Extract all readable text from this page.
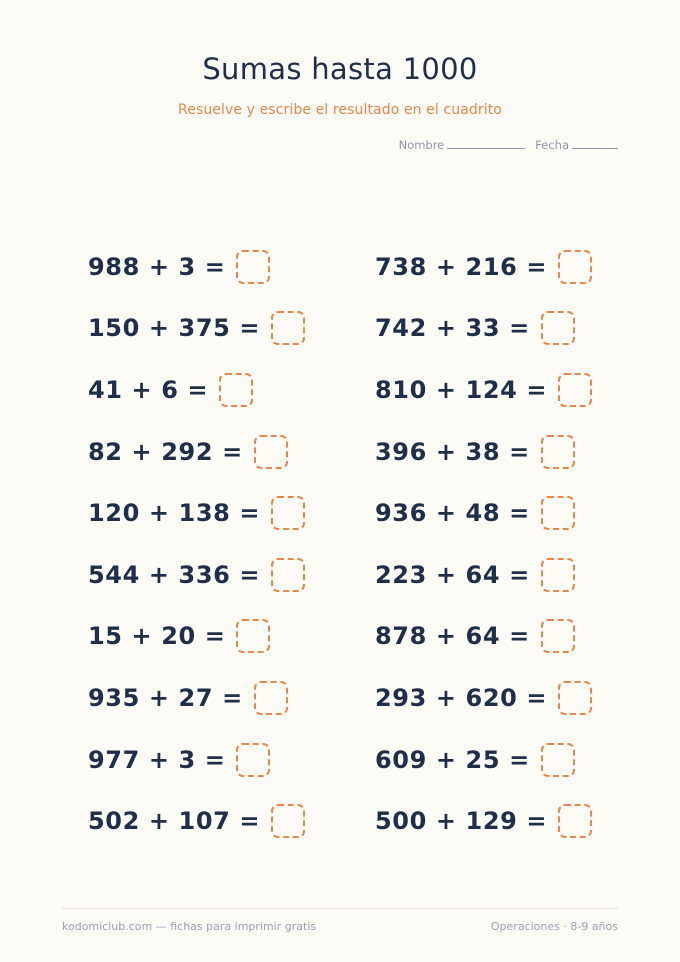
Sumas hasta 1000
Resuelve y escribe el resultado en el cuadrito
Nombre	Fecha
988 + 3 =
150 + 375 =
41 + 6 =
82 + 292 =
120 + 138 =
544 + 336 =
15 + 20 =
935 + 27 =
977 + 3 =
502 + 107 =
738 + 216 =
742 + 33 =
810 + 124 =
396 + 38 =
936 + 48 =
223 + 64 =
878 + 64 =
293 + 620 =
609 + 25 =
500 + 129 =
kodomiclub.com — fichas para imprimir gratis	Operaciones · 8-9 años
